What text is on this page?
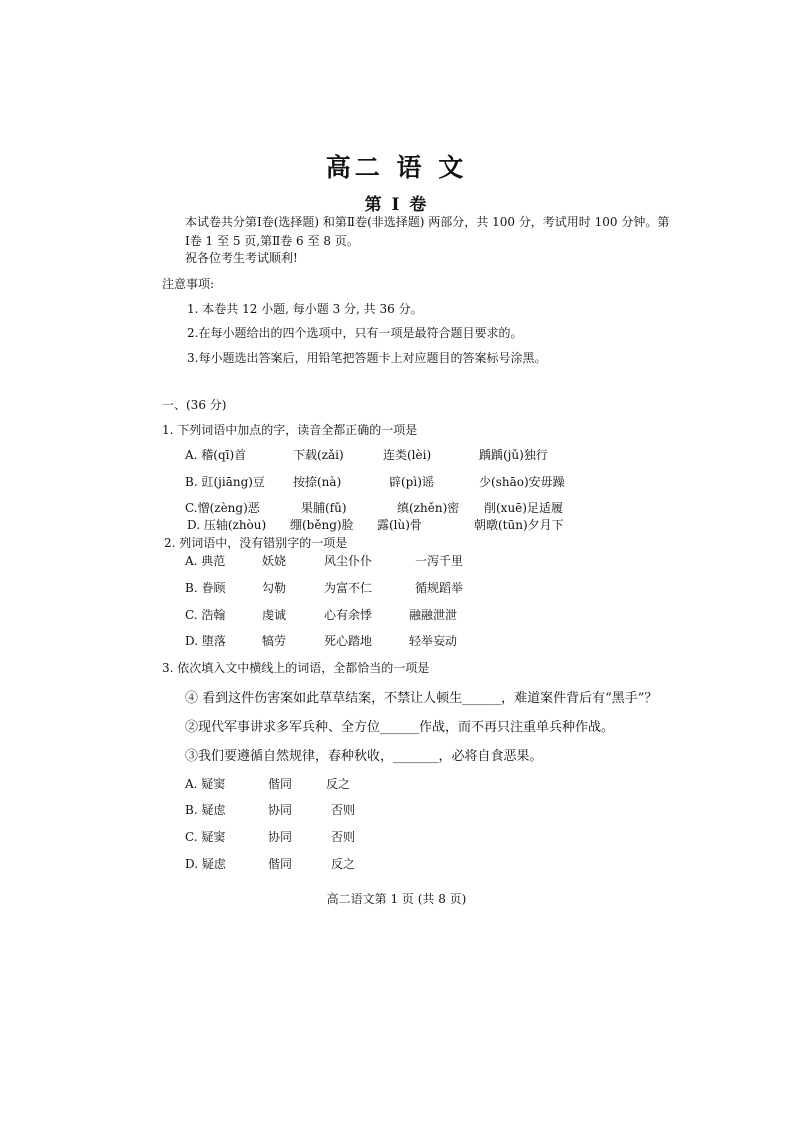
高二 语 文
第 Ⅰ 卷
本试卷共分第Ⅰ卷(选择题) 和第Ⅱ卷(非选择题) 两部分，共 100 分，考试用时 100 分钟。第
Ⅰ卷 1 至 5 页,第Ⅱ卷 6 至 8 页。
祝各位考生考试顺利!
注意事项:
1. 本卷共 12 小题, 每小题 3 分, 共 36 分。
2.在每小题给出的四个选项中，只有一项是最符合题目要求的。
3.每小题选出答案后，用铅笔把答题卡上对应题目的答案标号涂黑。
一、(36 分)
1. 下列词语中加点的字，读音全都正确的一项是
A. 稽(qī)首	下载(zǎi)	连类(lèi)	踽踽(jǔ)独行
B. 豇(jiāng)豆 按捺(nà)	辟(pì)谣	少(shāo)安毋躁
C.憎(zèng)恶	果脯(fǔ)	缜(zhěn)密 削(xuē)足适履
D. 压轴(zhòu) 绷(běng)脸 露(lù)骨	朝暾(tūn)夕月下
2. 列词语中，没有错别字的一项是
A. 典范	妖娆	风尘仆仆	一泻千里
B. 眷顾	勾勒	为富不仁	循规蹈举
C. 浩翰	虔诚	心有余悸	融融泄泄
D. 堕落	犒劳	死心踏地	轻举妄动
3. 依次填入文中横线上的词语，全都恰当的一项是
④ 看到这件伤害案如此草草结案，不禁让人顿生______，难道案件背后有“黑手”？
②现代军事讲求多军兵种、全方位______作战，而不再只注重单兵种作战。
③我们要遵循自然规律，春种秋收，_______，必将自食恶果。
A. 疑窦	偕同	反之
B. 疑虑	协同	否则
C. 疑窦	协同	否则
D. 疑虑	偕同	反之
高二语文第 1 页 (共 8 页)
